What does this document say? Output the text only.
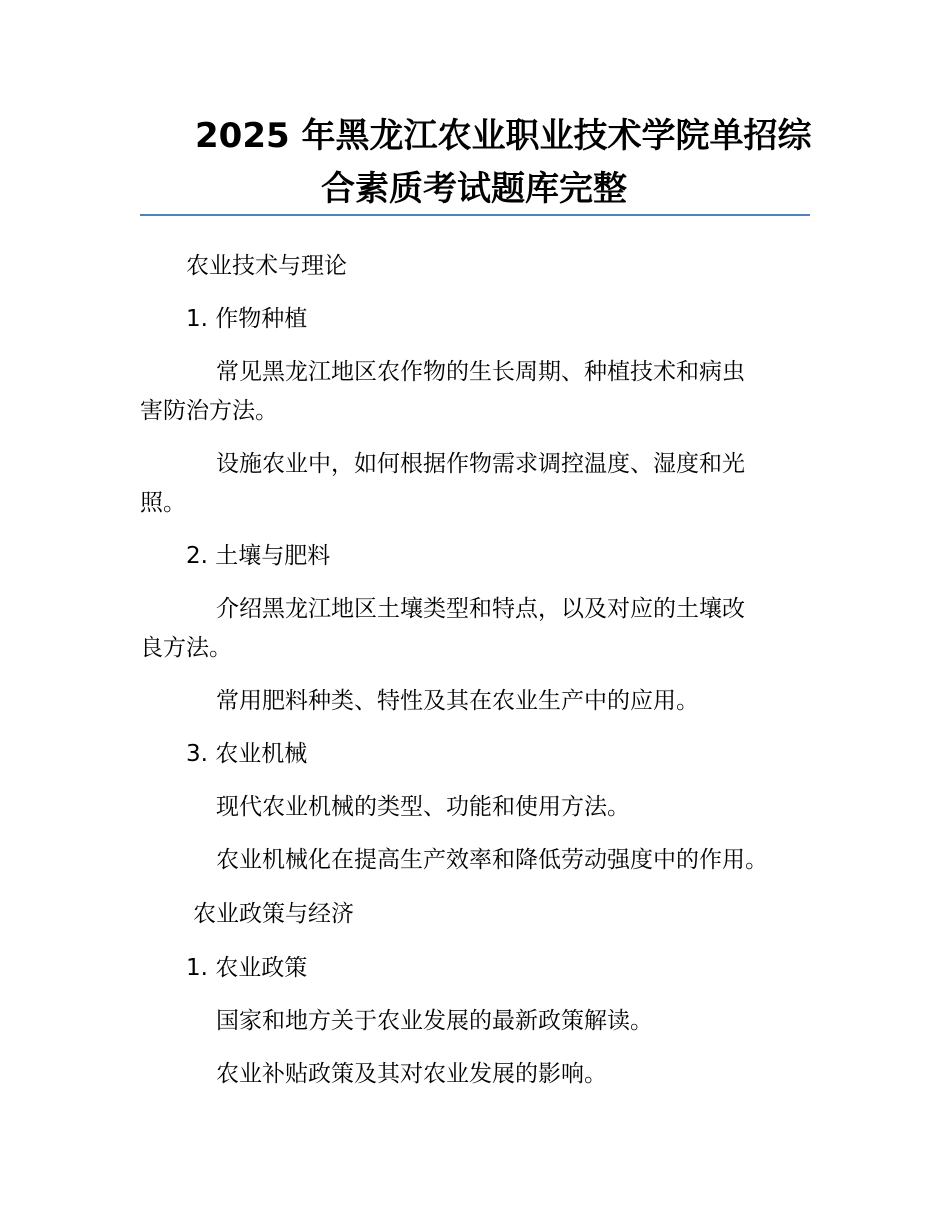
2025 年黑龙江农业职业技术学院单招综
合素质考试题库完整
农业技术与理论
1. 作物种植
常见黑龙江地区农作物的生长周期、种植技术和病虫
害防治方法。
设施农业中，如何根据作物需求调控温度、湿度和光
照。
2. 土壤与肥料
介绍黑龙江地区土壤类型和特点，以及对应的土壤改
良方法。
常用肥料种类、特性及其在农业生产中的应用。
3. 农业机械
现代农业机械的类型、功能和使用方法。
农业机械化在提高生产效率和降低劳动强度中的作用。
农业政策与经济
1. 农业政策
国家和地方关于农业发展的最新政策解读。
农业补贴政策及其对农业发展的影响。
